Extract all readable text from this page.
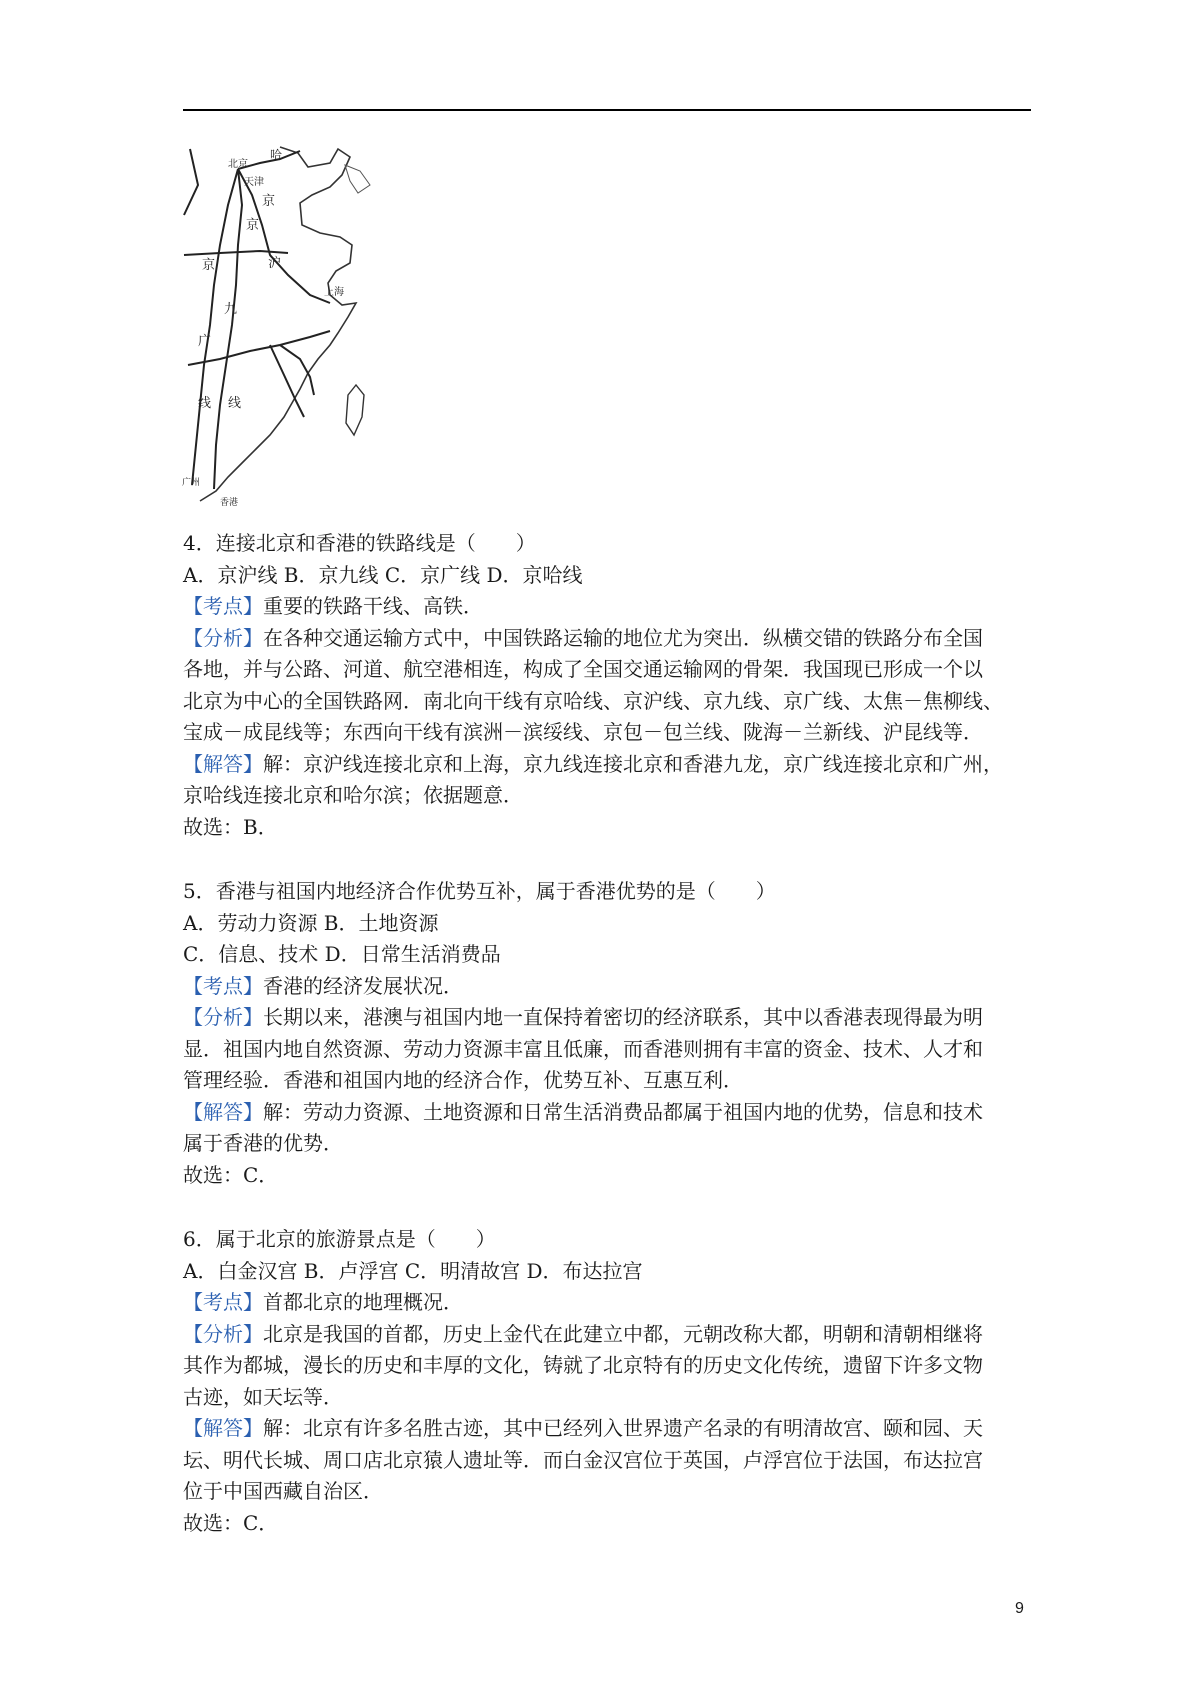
北京
哈
天津
京
京
京	沪
上海
九
广
线 线
广州
香港
4．连接北京和香港的铁路线是（　　）
A．京沪线 B．京九线 C．京广线 D．京哈线
【考点】重要的铁路干线、高铁．
【分析】在各种交通运输方式中，中国铁路运输的地位尤为突出．纵横交错的铁路分布全国
各地，并与公路、河道、航空港相连，构成了全国交通运输网的骨架．我国现已形成一个以
北京为中心的全国铁路网．南北向干线有京哈线、京沪线、京九线、京广线、太焦－焦柳线、
宝成－成昆线等；东西向干线有滨洲－滨绥线、京包－包兰线、陇海－兰新线、沪昆线等．
【解答】解：京沪线连接北京和上海，京九线连接北京和香港九龙，京广线连接北京和广州，
京哈线连接北京和哈尔滨；依据题意．
故选：B．
5．香港与祖国内地经济合作优势互补，属于香港优势的是（　　）
A．劳动力资源 B．土地资源
C．信息、技术 D．日常生活消费品
【考点】香港的经济发展状况．
【分析】长期以来，港澳与祖国内地一直保持着密切的经济联系，其中以香港表现得最为明
显．祖国内地自然资源、劳动力资源丰富且低廉，而香港则拥有丰富的资金、技术、人才和
管理经验．香港和祖国内地的经济合作，优势互补、互惠互利．
【解答】解：劳动力资源、土地资源和日常生活消费品都属于祖国内地的优势，信息和技术
属于香港的优势．
故选：C．
6．属于北京的旅游景点是（　　）
A．白金汉宫 B．卢浮宫 C．明清故宫 D．布达拉宫
【考点】首都北京的地理概况．
【分析】北京是我国的首都，历史上金代在此建立中都，元朝改称大都，明朝和清朝相继将
其作为都城，漫长的历史和丰厚的文化，铸就了北京特有的历史文化传统，遗留下许多文物
古迹，如天坛等．
【解答】解：北京有许多名胜古迹，其中已经列入世界遗产名录的有明清故宫、颐和园、天
坛、明代长城、周口店北京猿人遗址等．而白金汉宫位于英国，卢浮宫位于法国，布达拉宫
位于中国西藏自治区．
故选：C．
9
